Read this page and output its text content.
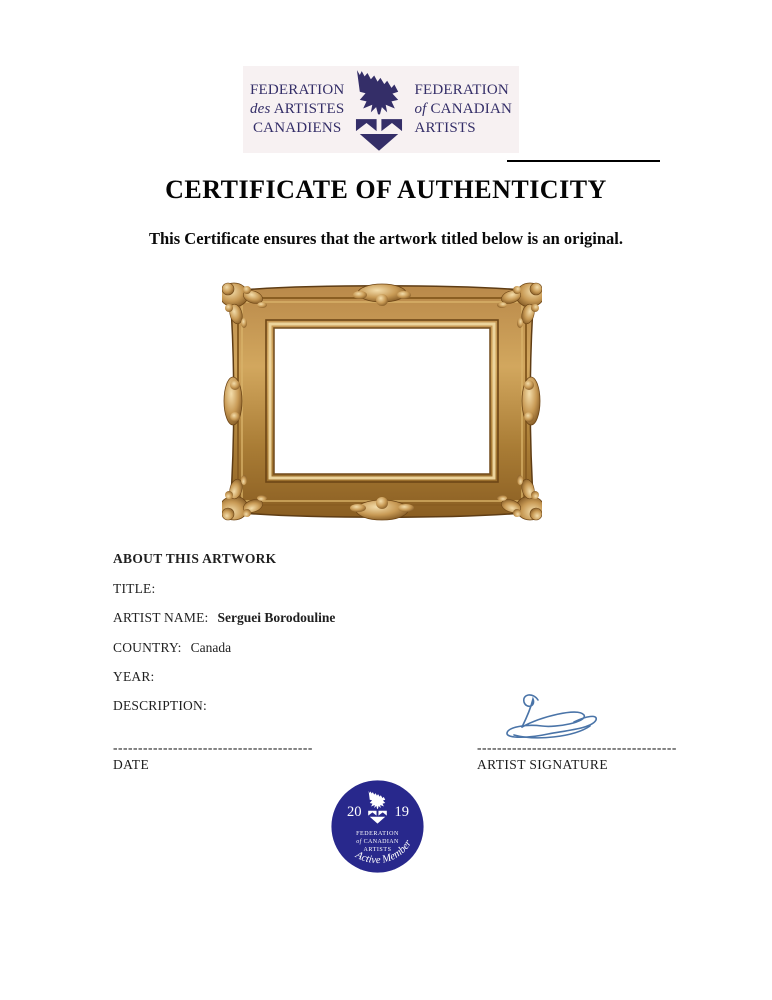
FEDERATION
des ARTISTES
CANADIENS
FEDERATION
of CANADIAN
ARTISTS
CERTIFICATE OF AUTHENTICITY
This Certificate ensures that the artwork titled below is an original.
ABOUT THIS ARTWORK
TITLE:
ARTIST NAME: Serguei Borodouline
COUNTRY: Canada
YEAR:
DESCRIPTION:
----------------------------------------
DATE
----------------------------------------
ARTIST SIGNATURE
20 19
FEDERATION
of CANADIAN
ARTISTS
Active Member
